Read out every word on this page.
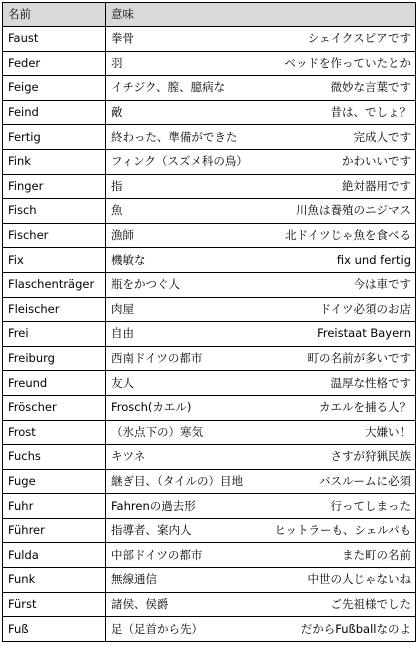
名前	意味
Faust	拳骨 シェイクスピアです

Feder	羽 ベッドを作っていたとか

Feige	イチジク、膣、臆病な 微妙な言葉です

Feind	敵 昔は、でしょ？

Fertig	終わった、準備ができた 完成人です

Fink	フィンク（スズメ科の鳥） かわいいです

Finger	指 絶対器用です

Fisch	魚 川魚は養殖のニジマス

Fischer	漁師 北ドイツじゃ魚を食べる

Fix	機敏な fix und fertig

Flaschenträger	瓶をかつぐ人 今は車です

Fleischer	肉屋 ドイツ必須のお店

Frei	自由 Freistaat Bayern

Freiburg	西南ドイツの都市 町の名前が多いです

Freund	友人 温厚な性格です

Fröscher	Frosch(カエル) カエルを捕る人？

Frost	（氷点下の）寒気 大嫌い！

Fuchs	キツネ さすが狩猟民族

Fuge	継ぎ目、（タイルの）目地 バスルームに必須

Fuhr	Fahrenの過去形 行ってしまった

Führer	指導者、案内人 ヒットラーも、シェルパも

Fulda	中部ドイツの都市 また町の名前

Funk	無線通信 中世の人じゃないね

Fürst	諸侯、侯爵 ご先祖様でした

Fuß	足（足首から先） だからFußballなのよ
